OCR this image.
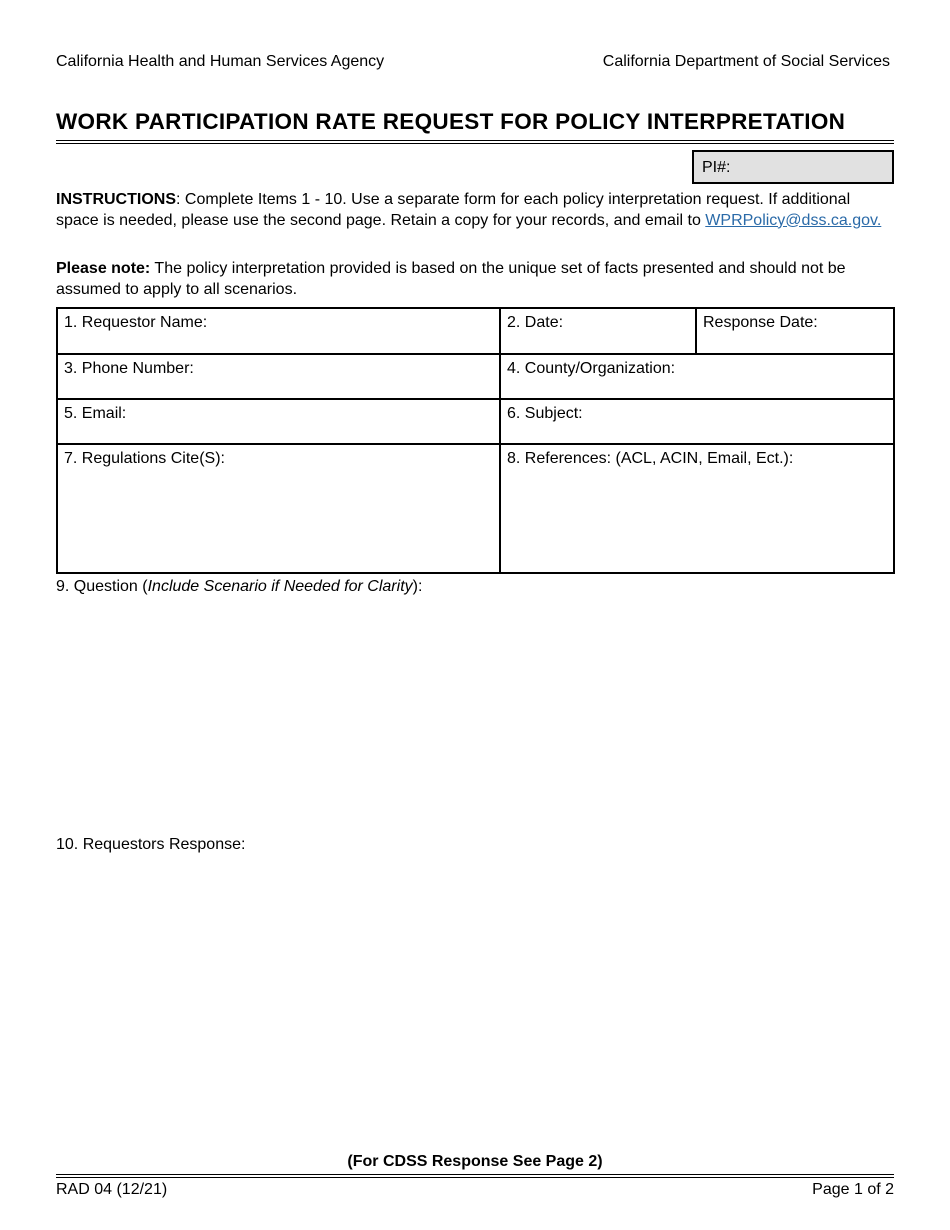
California Health and Human Services Agency	California Department of Social Services
WORK PARTICIPATION RATE REQUEST FOR POLICY INTERPRETATION
PI#:
INSTRUCTIONS: Complete Items 1 - 10. Use a separate form for each policy interpretation request. If additional space is needed, please use the second page. Retain a copy for your records, and email to WPRPolicy@dss.ca.gov.
Please note: The policy interpretation provided is based on the unique set of facts presented and should not be assumed to apply to all scenarios.
1. Requestor Name:	2. Date:	Response Date:
3. Phone Number:	4. County/Organization:
5. Email:	6. Subject:
7. Regulations Cite(S):	8. References: (ACL, ACIN, Email, Ect.):
9. Question (Include Scenario if Needed for Clarity):
10. Requestors Response:
(For CDSS Response See Page 2)
RAD 04 (12/21)	Page 1 of 2
